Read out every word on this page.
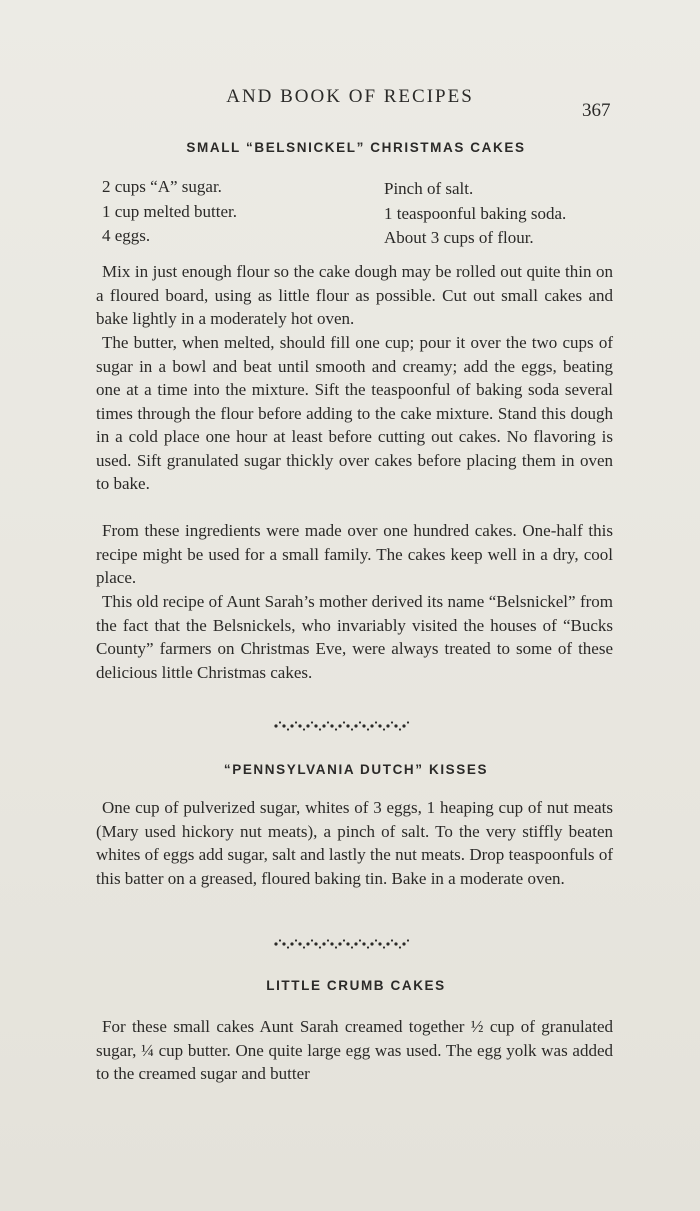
AND BOOK OF RECIPES
367
SMALL “BELSNICKEL” CHRISTMAS CAKES
2 cups “A” sugar.
1 cup melted butter.
4 eggs.
Pinch of salt.
1 teaspoonful baking soda.
About 3 cups of flour.

Mix in just enough flour so the cake dough may be rolled out quite thin on a floured board, using as little flour as possible. Cut out small cakes and bake lightly in a moderately hot oven.

The butter, when melted, should fill one cup; pour it over the two cups of sugar in a bowl and beat until smooth and creamy; add the eggs, beating one at a time into the mixture. Sift the teaspoonful of baking soda several times through the flour before adding to the cake mixture. Stand this dough in a cold place one hour at least before cutting out cakes. No flavoring is used. Sift granulated sugar thickly over cakes before placing them in oven to bake.

From these ingredients were made over one hundred cakes. One-half this recipe might be used for a small family. The cakes keep well in a dry, cool place.

This old recipe of Aunt Sarah’s mother derived its name “Belsnickel” from the fact that the Belsnickels, who invariably visited the houses of “Bucks County” farmers on Christmas Eve, were always treated to some of these delicious little Christmas cakes.

“PENNSYLVANIA DUTCH” KISSES

One cup of pulverized sugar, whites of 3 eggs, 1 heaping cup of nut meats (Mary used hickory nut meats), a pinch of salt. To the very stiffly beaten whites of eggs add sugar, salt and lastly the nut meats. Drop teaspoonfuls of this batter on a greased, floured baking tin. Bake in a moderate oven.

LITTLE CRUMB CAKES

For these small cakes Aunt Sarah creamed together ½ cup of granulated sugar, ¼ cup butter. One quite large egg was used. The egg yolk was added to the creamed sugar and butter
